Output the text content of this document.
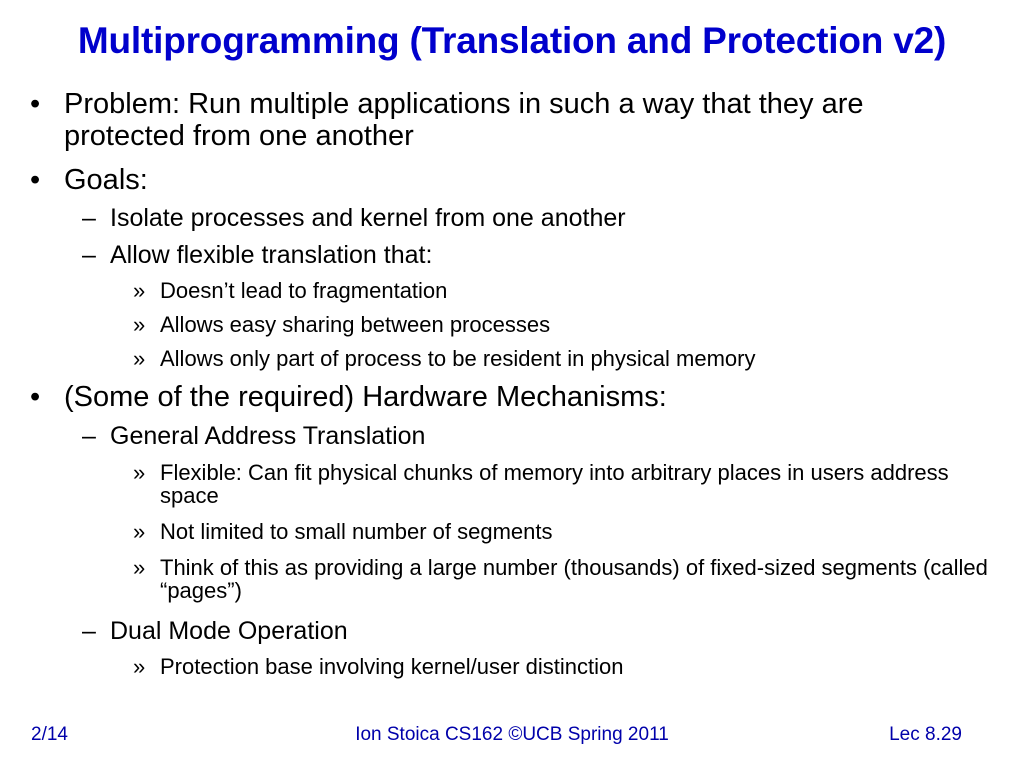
Multiprogramming (Translation and Protection v2)
• Problem: Run multiple applications in such a way that they are protected from one another
• Goals:
– Isolate processes and kernel from one another
– Allow flexible translation that:
» Doesn’t lead to fragmentation
» Allows easy sharing between processes
» Allows only part of process to be resident in physical memory
• (Some of the required) Hardware Mechanisms:
– General Address Translation
» Flexible: Can fit physical chunks of memory into arbitrary places in users address space
» Not limited to small number of segments
» Think of this as providing a large number (thousands) of fixed-sized segments (called “pages”)
– Dual Mode Operation
» Protection base involving kernel/user distinction
2/14	Ion Stoica CS162 ©UCB Spring 2011	Lec 8.29
